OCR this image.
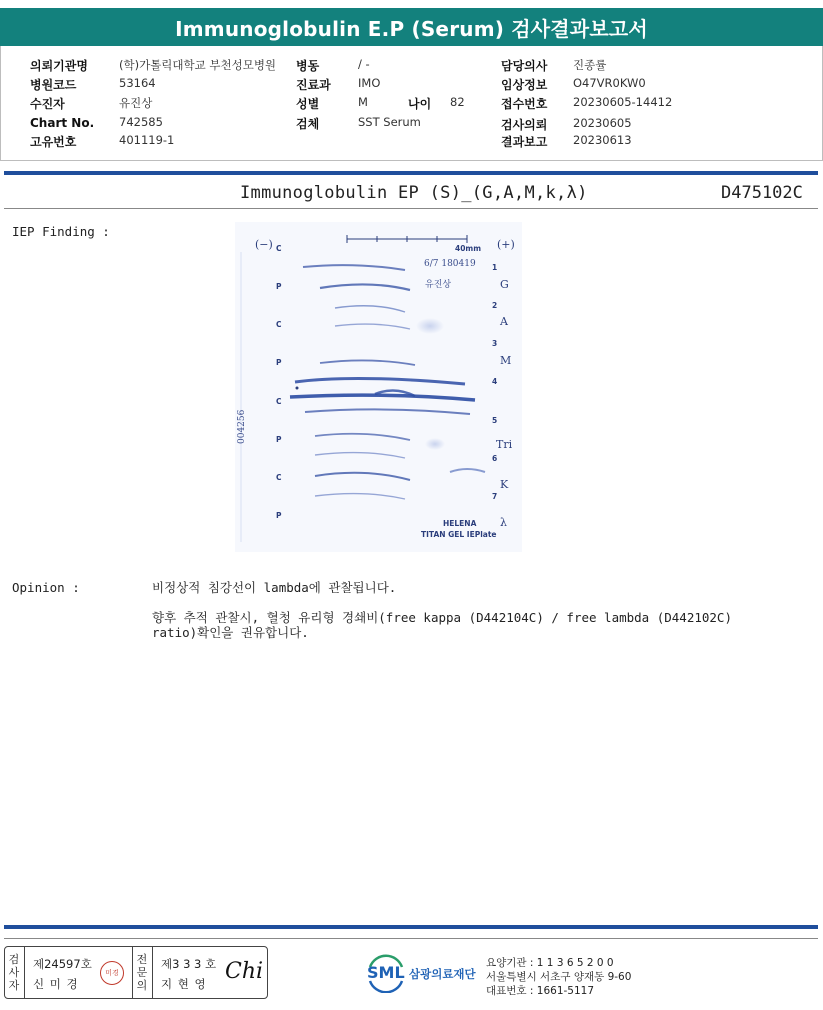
Immunoglobulin E.P (Serum) 검사결과보고서
의뢰기관명	(학)가톨릭대학교 부천성모병원 병동	/ -	담당의사 진종률
병원코드	53164	진료과 IMO	임상정보 O47VR0KW0
수진자	유진상	성별	M	나이 82	접수번호 20230605-14412
Chart No. 742585	검체	SST Serum	검사의뢰 20230605
고유번호	401119-1	결과보고 20230613
Immunoglobulin EP (S)_(G,A,M,k,λ)	D475102C
IEP Finding :
(−)	(+)
40mm
6/7 180419
유진상
004256
C
P
C
P
C
P
C
P
1
2
3
4
5
6
7
G
A
M
Tri
K
λ
HELENA
TITAN GEL IEPlate
Opinion :	비정상적 침강선이 lambda에 관찰됩니다.
향후 추적 관찰시, 혈청 유리형 경쇄비(free kappa (D442104C) / free lambda (D442102C)
ratio)확인을 권유합니다.
검
사
자
제24597호
신 미 경
미경
전
문
의
제3 3 3 호
지 현 영 Chi	SML 삼광의료재단
요양기관 : 1 1 3 6 5 2 0 0
서울특별시 서초구 양재동 9-60
대표번호 : 1661-5117
